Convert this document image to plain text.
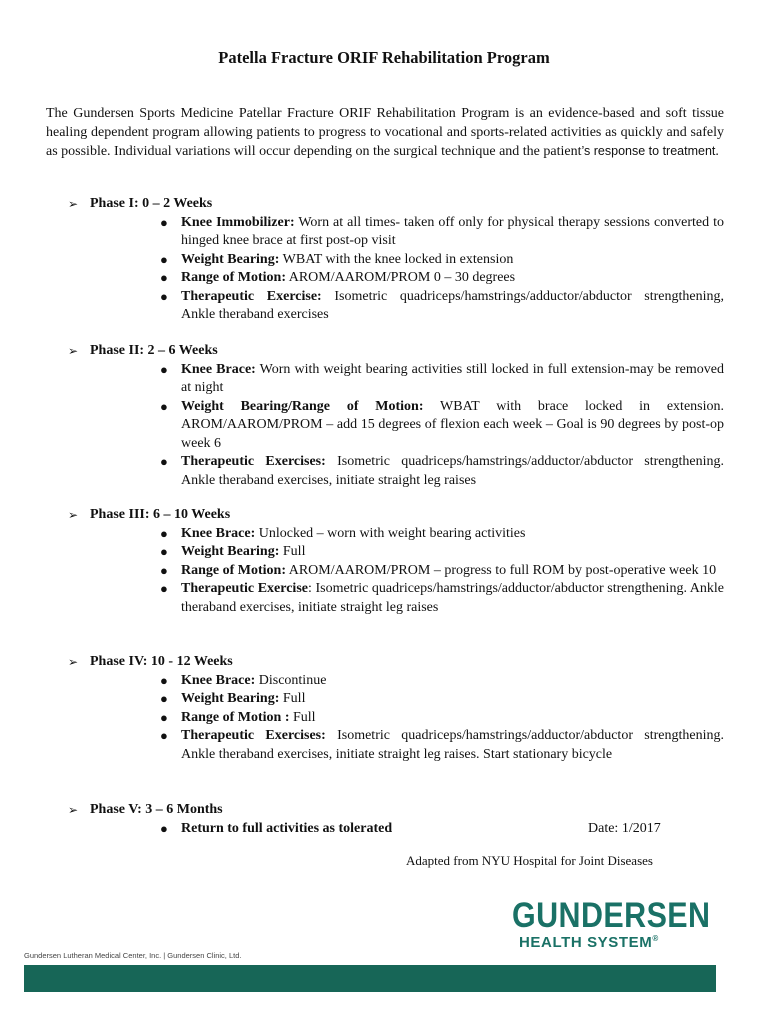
Patella Fracture ORIF Rehabilitation Program

The Gundersen Sports Medicine Patellar Fracture ORIF Rehabilitation Program is an evidence-based and soft tissue healing dependent program allowing patients to progress to vocational and sports-related activities as quickly and safely as possible. Individual variations will occur depending on the surgical technique and the patient’s response to treatment.

➢ Phase I: 0 – 2 Weeks
● Knee Immobilizer: Worn at all times- taken off only for physical therapy sessions converted to hinged knee brace at first post-op visit
● Weight Bearing: WBAT with the knee locked in extension
● Range of Motion: AROM/AAROM/PROM 0 – 30 degrees
● Therapeutic Exercise: Isometric quadriceps/hamstrings/adductor/abductor strengthening, Ankle theraband exercises
➢ Phase II: 2 – 6 Weeks
● Knee Brace: Worn with weight bearing activities still locked in full extension-may be removed at night
● Weight Bearing/Range of Motion: WBAT with brace locked in extension. AROM/AAROM/PROM – add 15 degrees of flexion each week – Goal is 90 degrees by post-op week 6
● Therapeutic Exercises: Isometric quadriceps/hamstrings/adductor/abductor strengthening. Ankle theraband exercises, initiate straight leg raises
➢ Phase III: 6 – 10 Weeks
● Knee Brace: Unlocked – worn with weight bearing activities
● Weight Bearing: Full
● Range of Motion: AROM/AAROM/PROM – progress to full ROM by post-operative week 10
● Therapeutic Exercise: Isometric quadriceps/hamstrings/adductor/abductor strengthening. Ankle theraband exercises, initiate straight leg raises
➢ Phase IV: 10 - 12 Weeks
● Knee Brace: Discontinue
● Weight Bearing: Full
● Range of Motion : Full
● Therapeutic Exercises: Isometric quadriceps/hamstrings/adductor/abductor strengthening. Ankle theraband exercises, initiate straight leg raises. Start stationary bicycle
➢ Phase V: 3 – 6 Months
● Return to full activities as tolerated	Date: 1/2017
Adapted from NYU Hospital for Joint Diseases
Gundersen Lutheran Medical Center, Inc. | Gundersen Clinic, Ltd.
GUNDERSEN
HEALTH SYSTEM®
